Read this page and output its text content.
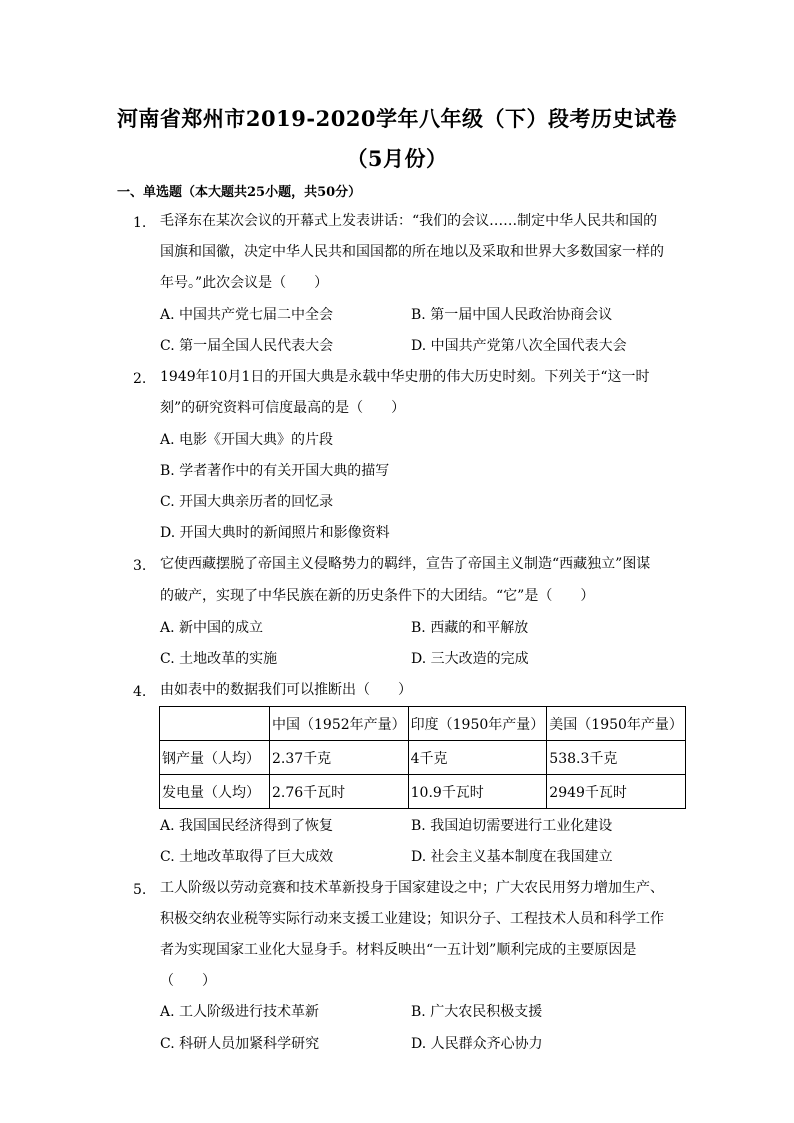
河南省郑州市2019-2020学年八年级（下）段考历史试卷
（5月份）
一、单选题（本大题共25小题，共50分）
1. 毛泽东在某次会议的开幕式上发表讲话：“我们的会议……制定中华人民共和国的
国旗和国徽，决定中华人民共和国国都的所在地以及采取和世界大多数国家一样的
年号。”此次会议是（　　）
A. 中国共产党七届二中全会	B. 第一届中国人民政治协商会议
C. 第一届全国人民代表大会	D. 中国共产党第八次全国代表大会
2. 1949年10月1日的开国大典是永载中华史册的伟大历史时刻。下列关于“这一时
刻”的研究资料可信度最高的是（　　）
A. 电影《开国大典》的片段
B. 学者著作中的有关开国大典的描写
C. 开国大典亲历者的回忆录
D. 开国大典时的新闻照片和影像资料
3. 它使西藏摆脱了帝国主义侵略势力的羁绊，宣告了帝国主义制造“西藏独立”图谋
的破产，实现了中华民族在新的历史条件下的大团结。“它”是（　　）
A. 新中国的成立	B. 西藏的和平解放
C. 土地改革的实施	D. 三大改造的完成
4. 由如表中的数据我们可以推断出（　　）
	中国（1952年产量）	印度（1950年产量）	美国（1950年产量）
钢产量（人均）	2.37千克	4千克	538.3千克
发电量（人均）	2.76千瓦时	10.9千瓦时	2949千瓦时
A. 我国国民经济得到了恢复	B. 我国迫切需要进行工业化建设
C. 土地改革取得了巨大成效	D. 社会主义基本制度在我国建立
5. 工人阶级以劳动竞赛和技术革新投身于国家建设之中；广大农民用努力增加生产、
积极交纳农业税等实际行动来支援工业建设；知识分子、工程技术人员和科学工作
者为实现国家工业化大显身手。材料反映出“一五计划”顺利完成的主要原因是
（　　）
A. 工人阶级进行技术革新	B. 广大农民积极支援
C. 科研人员加紧科学研究	D. 人民群众齐心协力
